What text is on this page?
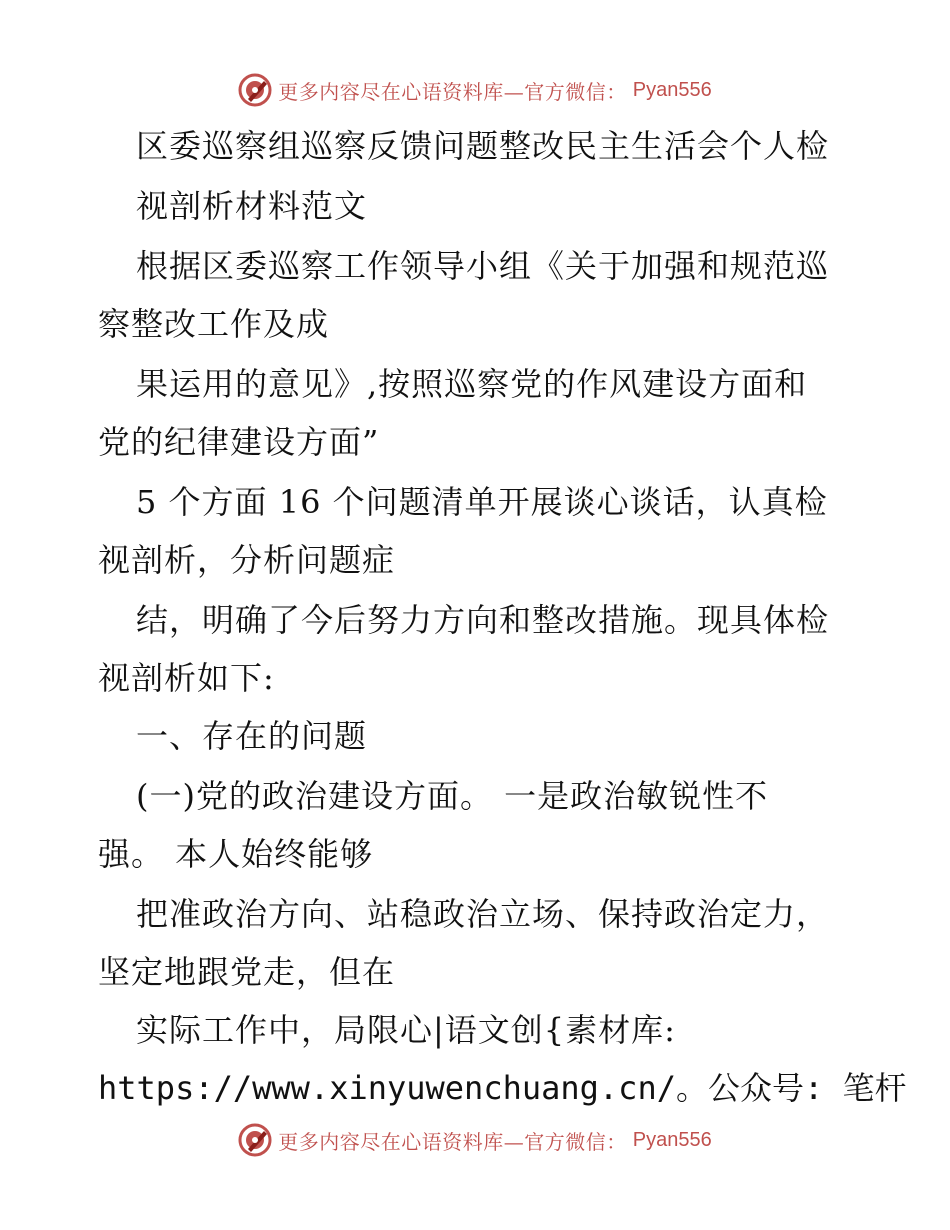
更多内容尽在心语资料库—官方微信： Pyan556
区委巡察组巡察反馈问题整改民主生活会个人检
视剖析材料范文
根据区委巡察工作领导小组《关于加强和规范巡
察整改工作及成
果运用的意见》,按照巡察党的作风建设方面和
党的纪律建设方面”
5 个方面 16 个问题清单开展谈心谈话，认真检
视剖析，分析问题症
结，明确了今后努力方向和整改措施。现具体检
视剖析如下:
一、存在的问题
(一)党的政治建设方面。 一是政治敏锐性不
强。 本人始终能够
把准政治方向、站稳政治立场、保持政治定力，
坚定地跟党走，但在
实际工作中，局限心|语文创{素材库:
https://www.xinyuwenchuang.cn/。公众号: 笔杆
更多内容尽在心语资料库—官方微信： Pyan556
